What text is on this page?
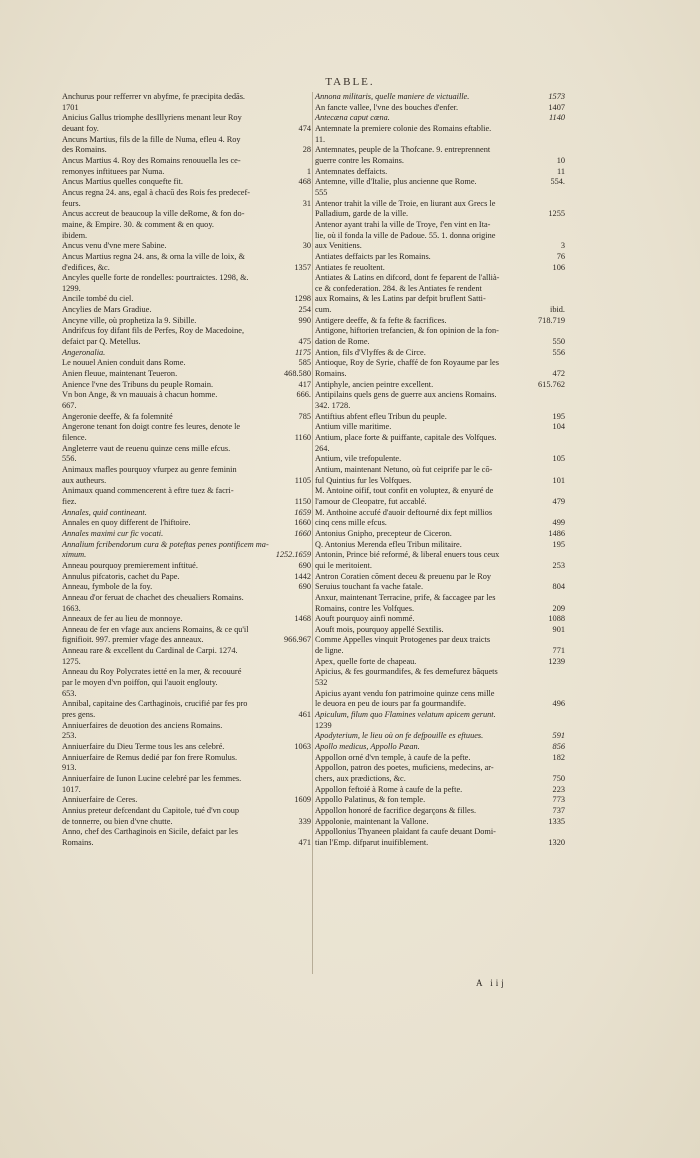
TABLE.
Anchurus pour refferrer vn abyfme, fe præcipita dedās.
1701
Anicius Gallus triomphe desIllyriens menant leur Roy
474
deuant foy.
Ancuns Martius, fils de la fille de Numa, efleu 4. Roy
28
des Romains.
Ancus Martius 4. Roy des Romains renouuella les ce-
1
remonyes inftituees par Numa.
468
Ancus Martius quelles conquefte fit.
Ancus regna 24. ans, egal à chacū des Rois fes predecef-
31
feurs.
Ancus accreut de beaucoup la ville deRome, & fon do-
maine, & Empire. 30. & comment & en quoy.
ibidem.
30
Ancus venu d'vne mere Sabine.
Ancus Martius regna 24. ans, & orna la ville de loix, &
1357
d'edifices, &c.
Ancyles quelle forte de rondelles: pourtraictes. 1298, &.
1299.
1298
Ancile tombé du ciel.
254
Ancylies de Mars Gradiue.
990
Ancyne ville, où prophetiza la 9. Sibille.
Andrifcus foy difant fils de Perfes, Roy de Macedoine,
475
defaict par Q. Metellus.
1175
Angeronalia.
585
Le nouuel Anien conduit dans Rome.
468.580
Anien fleuue, maintenant Teueron.
417
Anience l'vne des Tribuns du peuple Romain.
666.
Vn bon Ange, & vn mauuais à chacun homme.
667.
785
Angeronie deeffe, & fa folemnité
Angerone tenant fon doigt contre fes leures, denote le
1160
filence.
Angleterre vaut de reuenu quinze cens mille efcus.
556.
Animaux mafles pourquoy vfurpez au genre feminin
1105
aux autheurs.
Animaux quand commencerent à eftre tuez & facri-
1150
fiez.
1659
Annales, quid contineant.
1660
Annales en quoy different de l'hiftoire.
1660
Annales maximi cur fic vocati.
Annalium fcribendorum cura & poteftas penes pontificem ma-
1252.1659
ximum.
690
Anneau pourquoy premierement inftitué.
1442
Annulus pifcatoris, cachet du Pape.
690
Anneau, fymbole de la foy.
Anneau d'or feruat de chachet des cheualiers Romains.
1663.
1468
Anneaux de fer au lieu de monnoye.
Anneau de fer en vfage aux anciens Romains, & ce qu'il
966.967
fignifioit. 997. premier vfage des anneaux.
Anneau rare & excellent du Cardinal de Carpi. 1274.
1275.
Anneau du Roy Polycrates ietté en la mer, & recouuré
par le moyen d'vn poiffon, qui l'auoit englouty.
653.
Annibal, capitaine des Carthaginois, crucifié par fes pro
461
pres gens.
Anniuerfaires de deuotion des anciens Romains.
253.
1063
Anniuerfaire du Dieu Terme tous les ans celebré.
Anniuerfaire de Remus dedié par fon frere Romulus.
913.
Anniuerfaire de Iunon Lucine celebré par les femmes.
1017.
1609
Anniuerfaire de Ceres.
Annius preteur defcendant du Capitole, tué d'vn coup
339
de tonnerre, ou bien d'vne chutte.
Anno, chef des Carthaginois en Sicile, defaict par les
471
Romains.
1573
Annona militaris, quelle maniere de victuaille.
1407
An fancte vallee, l'vne des bouches d'enfer.
1140
Antecæna caput cœna.
Antemnate la premiere colonie des Romains eftablie.
11.
Antemnates, peuple de la Thofcane. 9. entreprennent
10
guerre contre les Romains.
11
Antemnates deffaicts.
554.
Antemne, ville d'Italie, plus ancienne que Rome.
555
Antenor trahit la ville de Troie, en liurant aux Grecs le
1255
Palladium, garde de la ville.
Antenor ayant trahi la ville de Troye, f'en vint en Ita-
lie, où il fonda la ville de Padoue. 55. 1. donna origine
3
aux Venitiens.
76
Antiates deffaicts par les Romains.
106
Antiates fe reuoltent.
Antiates & Latins en difcord, dont fe feparent de l'allià-
ce & confederation. 284. & les Antiates fe rendent
aux Romains, & les Latins par defpit bruflent Satti-
ibid.
cum.
718.719
Antigere deeffe, & fa fefte & facrifices.
Antigone, hiftorien trefancien, & fon opinion de la fon-
550
dation de Rome.
556
Antion, fils d'Vlyffes & de Circe.
Antioque, Roy de Syrie, chaffé de fon Royaume par les
472
Romains.
615.762
Antiphyle, ancien peintre excellent.
Antipilains quels gens de guerre aux anciens Romains.
342. 1728.
195
Antiftius abfent efleu Tribun du peuple.
104
Antium ville maritime.
Antium, place forte & puiffante, capitale des Volfques.
264.
105
Antium, vile trefopulente.
Antium, maintenant Netuno, où fut ceiprife par le cō-
101
ful Quintius fur les Volfques.
M. Antoine oifif, tout confit en voluptez, & enyuré de
479
l'amour de Cleopatre, fut accablé.
M. Anthoine accufé d'auoir deftourné dix fept millios
499
cinq cens mille efcus.
1486
Antonius Gnipho, precepteur de Ciceron.
195
Q. Antonius Merenda efleu Tribun militaire.
Antonin, Prince bié reformé, & liberal enuers tous ceux
253
qui le meritoient.
Antron Coratien cōment deceu & preuenu par le Roy
804
Seruius touchant fa vache fatale.
Anxur, maintenant Terracine, prife, & faccagee par les
209
Romains, contre les Volfques.
1088
Aouft pourquoy ainfi nommé.
901
Aouft mois, pourquoy appellé Sextilis.
Comme Appelles vinquit Protogenes par deux traicts
771
de ligne.
1239
Apex, quelle forte de chapeau.
Apicius, & fes gourmandifes, & fes demefurez bāquets
532
Apicius ayant vendu fon patrimoine quinze cens mille
496
le deuora en peu de iours par fa gourmandife.
Apiculum, filum quo Flamines velatum apicem gerunt.
1239
591
Apodyterium, le lieu où on fe defpouille es eftuues.
856
Apollo medicus, Appollo Pæan.
182
Appollon orné d'vn temple, à caufe de la pefte.
Appollon, patron des poetes, muficiens, medecins, ar-
750
chers, aux prædictions, &c.
223
Appollon feftoié à Rome à caufe de la pefte.
773
Appollo Palatinus, & fon temple.
737
Appollon honoré de facrifice degarçons & filles.
1335
Appolonie, maintenant la Vallone.
Appollonius Thyaneen plaidant fa caufe deuant Domi-
1320
tian l'Emp. difparut inuifiblement.
A iij
